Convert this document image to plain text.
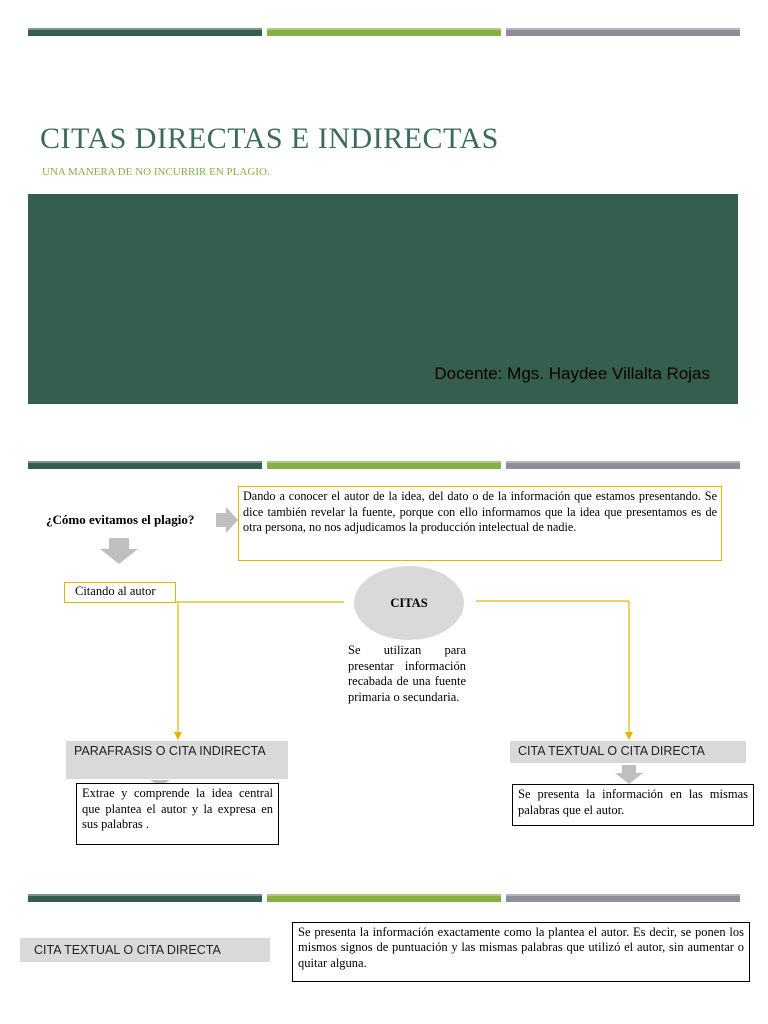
CITAS DIRECTAS E INDIRECTAS
UNA MANERA DE NO INCURRIR EN PLAGIO.
Docente: Mgs. Haydee Villalta Rojas
¿Cómo evitamos el plagio?
Dando a conocer el autor de la idea, del dato o de la información que estamos presentando. Se dice también revelar la fuente, porque con ello informamos que la idea que presentamos es de otra persona, no nos adjudicamos la producción intelectual de nadie.
Citando al autor
CITAS
Se utilizan para presentar información recabada de una fuente primaria o secundaria.
PARAFRASIS O CITA INDIRECTA
Extrae y comprende la idea central que plantea el autor y la expresa en sus palabras .
CITA TEXTUAL O CITA DIRECTA
Se presenta la información en las mismas palabras que el autor.
CITA TEXTUAL O CITA DIRECTA
Se presenta la información exactamente como la plantea el autor. Es decir, se ponen los mismos signos de puntuación y las mismas palabras que utilizó el autor, sin aumentar o quitar alguna.
